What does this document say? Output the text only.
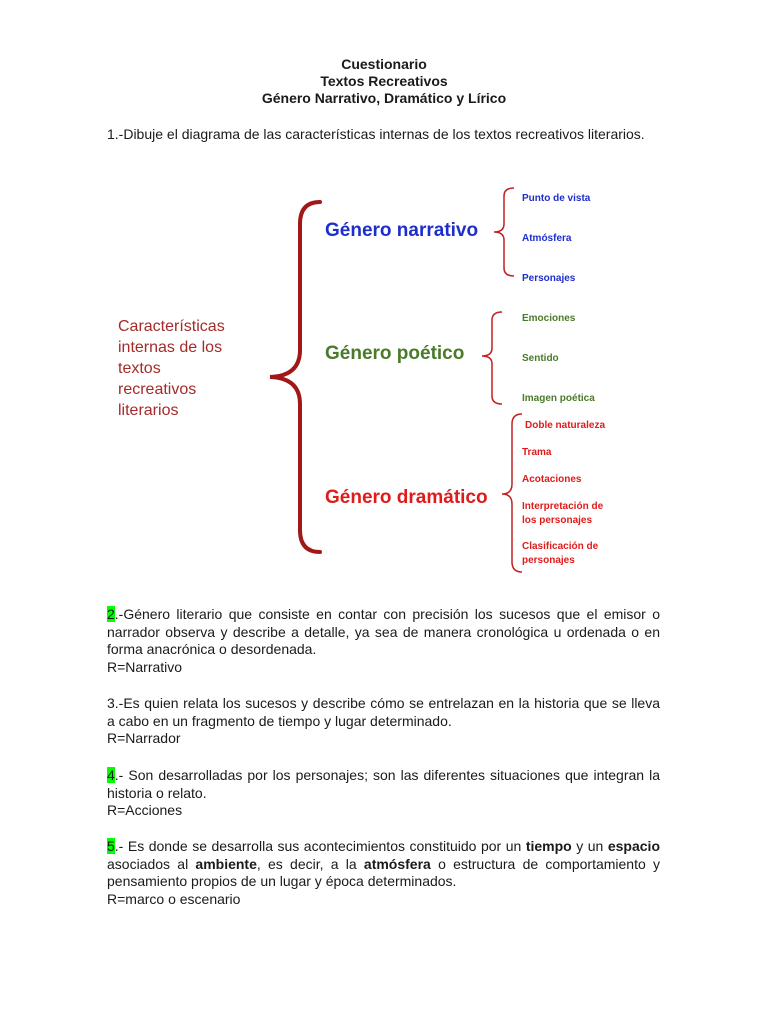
Cuestionario
Textos Recreativos
Género Narrativo, Dramático y Lírico
1.-Dibuje el diagrama de las características internas de los textos recreativos literarios.
Características
internas de los
textos
recreativos
literarios
Género narrativo
Género poético
Género dramático
Punto de vista
Atmósfera
Personajes
Emociones
Sentido
Imagen poética
Doble naturaleza
Trama
Acotaciones
Interpretación de
los personajes
Clasificación de
personajes
2.-Género literario que consiste en contar con precisión los sucesos que el emisor o narrador observa y describe a detalle, ya sea de manera cronológica u ordenada o en forma anacrónica o desordenada.
R=Narrativo
3.-Es quien relata los sucesos y describe cómo se entrelazan en la historia que se lleva a cabo en un fragmento de tiempo y lugar determinado.
R=Narrador
4.- Son desarrolladas por los personajes; son las diferentes situaciones que integran la historia o relato.
R=Acciones
5.- Es donde se desarrolla sus acontecimientos constituido por un tiempo y un espacio asociados al ambiente, es decir, a la atmósfera o estructura de comportamiento y pensamiento propios de un lugar y época determinados.
R=marco o escenario
